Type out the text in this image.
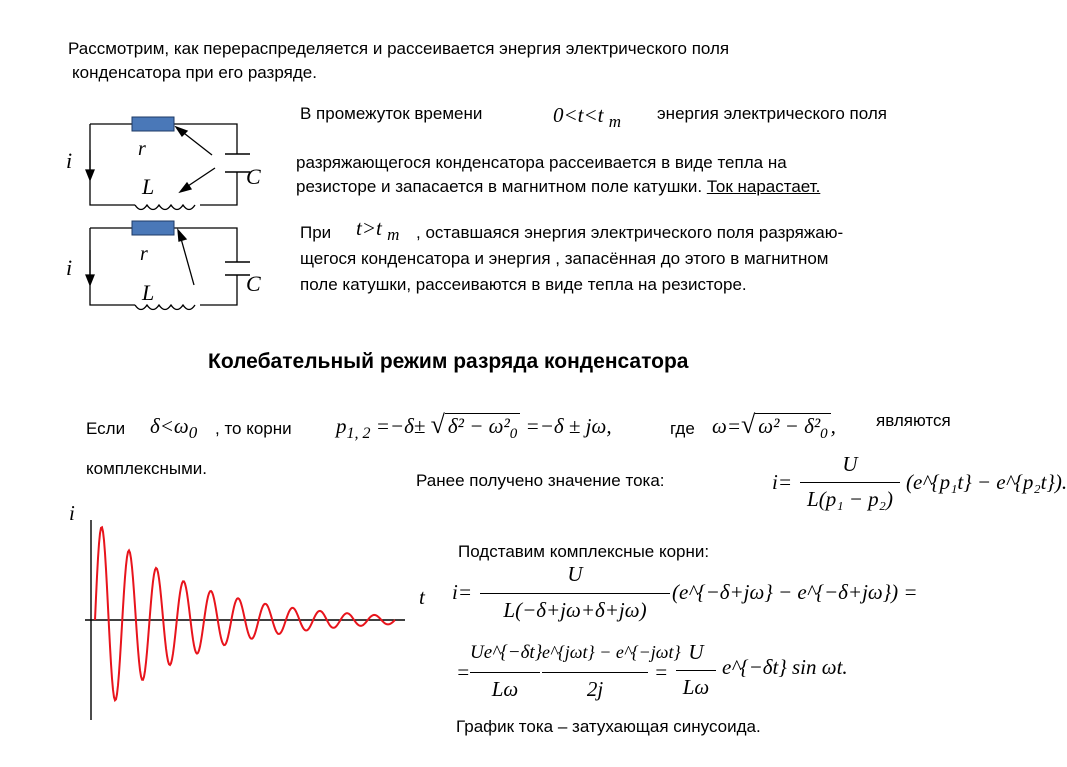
Рассмотрим, как перераспределяется и рассеивается энергия электрического поля
конденсатора при его разряде.
i	r
L	C
i
r
L	C
В промежуток времени	0<t<t $_m$ энергия электрического поля
разряжающегося конденсатора рассеивается в виде тепла на
резисторе и запасается в магнитном поле катушки. Ток нарастает.
При t>t $_m$ , оставшаяся энергия электрического поля разряжаю-
щегося конденсатора и энергия , запасённая до этого в магнитном
поле катушки, рассеиваются в виде тепла на резисторе.
Колебательный режим разряда конденсатора
Если $\delta<\omega_0$ , то корни $p_{1, 2} =-\delta\pm$ √ $\delta^2 - \omega^2_0 =-\delta \pm j\omega$,	где ω=√ $\omega^2 - \delta^2_0$ , являются
комплексными.
Ранее получено значение тока:	i=
U
L(p₁ − p₂)
(e^{p₁t} − e^{p₂t}).
Подставим комплексные корни:
i=
U
L(−δ+jω+δ+jω)
(e^{−δ+jω} − e^{−δ+jω}) =
=
Ue^{−δt}
Lω
e^{jωt} − e^{−jωt}
2j
=
U
Lω
e^{−δt} sin ωt.
График тока – затухающая синусоида.
i
t
